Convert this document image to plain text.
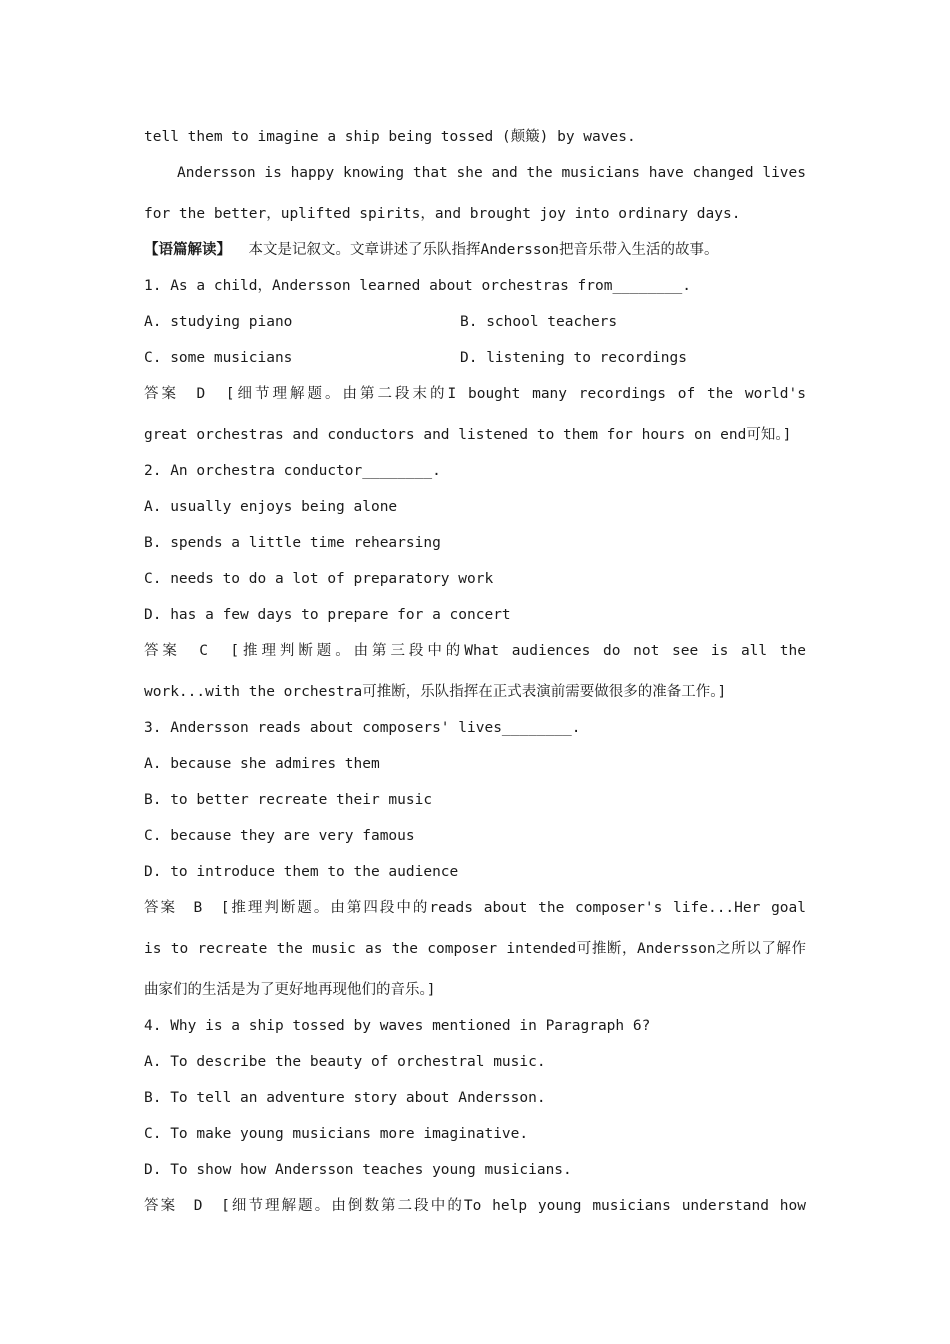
tell them to imagine a ship being tossed (颠簸) by waves.
Andersson is happy knowing that she and the musicians have changed lives
for the better，uplifted spirits，and brought joy into ordinary days.
【语篇解读】 本文是记叙文。文章讲述了乐队指挥Andersson把音乐带入生活的故事。
1. As a child，Andersson learned about orchestras from________.
A. studying piano	B. school teachers
C. some musicians	D. listening to recordings
答案　D　[细节理解题。由第二段末的I bought many recordings of the world's
great orchestras and conductors and listened to them for hours on end可知。]
2. An orchestra conductor________.
A. usually enjoys being alone
B. spends a little time rehearsing
C. needs to do a lot of preparatory work
D. has a few days to prepare for a concert
答案　C　[推理判断题。由第三段中的What audiences do not see is all the
work...with the orchestra可推断，乐队指挥在正式表演前需要做很多的准备工作。]
3. Andersson reads about composers' lives________.
A. because she admires them
B. to better recreate their music
C. because they are very famous
D. to introduce them to the audience
答案　B　[推理判断题。由第四段中的reads about the composer's life...Her goal
is to recreate the music as the composer intended可推断，Andersson之所以了解作
曲家们的生活是为了更好地再现他们的音乐。]
4. Why is a ship tossed by waves mentioned in Paragraph 6?
A. To describe the beauty of orchestral music.
B. To tell an adventure story about Andersson.
C. To make young musicians more imaginative.
D. To show how Andersson teaches young musicians.
答案　D　[细节理解题。由倒数第二段中的To help young musicians understand how
